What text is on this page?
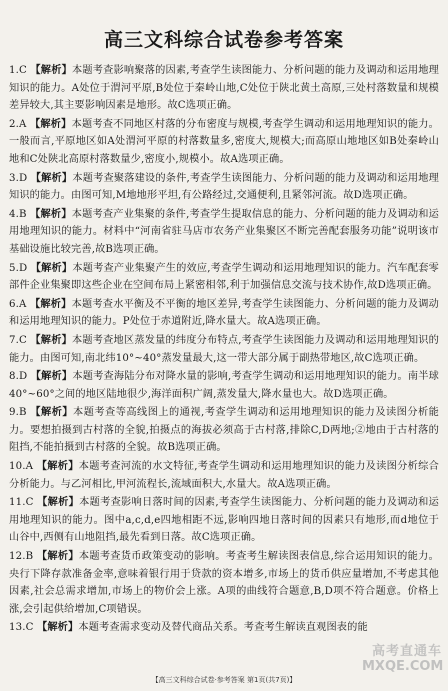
高三文科综合试卷参考答案

1.C 【解析】本题考查影响聚落的因素,考查学生读图能力、分析问题的能力及调动和运用地理知识的能力。A处位于渭河平原,B处位于秦岭山地,C处位于陕北黄土高原,三处村落数量和规模差异较大,其主要影响因素是地形。故C选项正确。

2.A 【解析】本题考查不同地区村落的分布密度与规模,考查学生调动和运用地理知识的能力。一般而言,平原地区如A处渭河平原的村落数量多,密度大,规模大;而高原山地地区如B处秦岭山地和C处陕北高原村落数量少,密度小,规模小。故A选项正确。

3.D 【解析】本题考查聚落建设的条件,考查学生读图能力、分析问题的能力及调动和运用地理知识的能力。由图可知,M地地形平坦,有公路经过,交通便利,且紧邻河流。故D选项正确。

4.B 【解析】本题考查产业集聚的条件,考查学生提取信息的能力、分析问题的能力及调动和运用地理知识的能力。材料中“河南省驻马店市农务产业集聚区不断完善配套服务功能”说明该市基础设施比较完善,故B选项正确。

5.D 【解析】本题考查产业集聚产生的效应,考查学生调动和运用地理知识的能力。汽车配套零部件企业集聚即这些企业在空间布局上紧密相邻,利于加强信息交流与技术协作,故D选项正确。

6.A 【解析】本题考查水平衡及不平衡的地区差异,考查学生读图能力、分析问题的能力及调动和运用地理知识的能力。P处位于赤道附近,降水量大。故A选项正确。

7.C 【解析】本题考查地区蒸发量的纬度分布特点,考查学生读图能力及调动和运用地理知识的能力。由图可知,南北纬10°~40°蒸发量最大,这一带大部分属于副热带地区,故C选项正确。

8.D 【解析】本题考查海陆分布对降水量的影响,考查学生调动和运用地理知识的能力。南半球40°~60°之间的地区陆地很少,海洋面积广阔,蒸发量大,降水量也大。故D选项正确。

9.B 【解析】本题考查等高线图上的通视,考查学生调动和运用地理知识的能力及读图分析能力。要想拍摄到古村落的全貌,拍摄点的海拔必须高于古村落,排除C,D两地;②地由于古村落的阻挡,不能拍摄到古村落的全貌。故B选项正确。

10.A 【解析】本题考查河流的水文特征,考查学生调动和运用地理知识的能力及读图分析综合分析能力。与乙河相比,甲河流程长,流域面积大,水量大。故A选项正确。

11.C 【解析】本题考查影响日落时间的因素,考查学生读图能力、分析问题的能力及调动和运用地理知识的能力。图中a,c,d,e四地相距不远,影响四地日落时间的因素只有地形,而d地位于山谷中,西侧有山地阻挡,最先看到日落。故C选项正确。

12.B 【解析】本题考查货币政策变动的影响。考查考生解读图表信息,综合运用知识的能力。央行下降存款准备金率,意味着银行用于贷款的资本增多,市场上的货币供应量增加,不考虑其他因素,社会总需求增加,市场上的物价会上涨。A项的曲线符合题意,B,D项不符合题意。价格上涨,会引起供给增加,C项错误。

13.C 【解析】本题考查需求变动及替代商品关系。考查考生解读直观图表的能

高考直通车
MXQE.COM
【高三文科综合试卷·参考答案 第1页(共7页)】
